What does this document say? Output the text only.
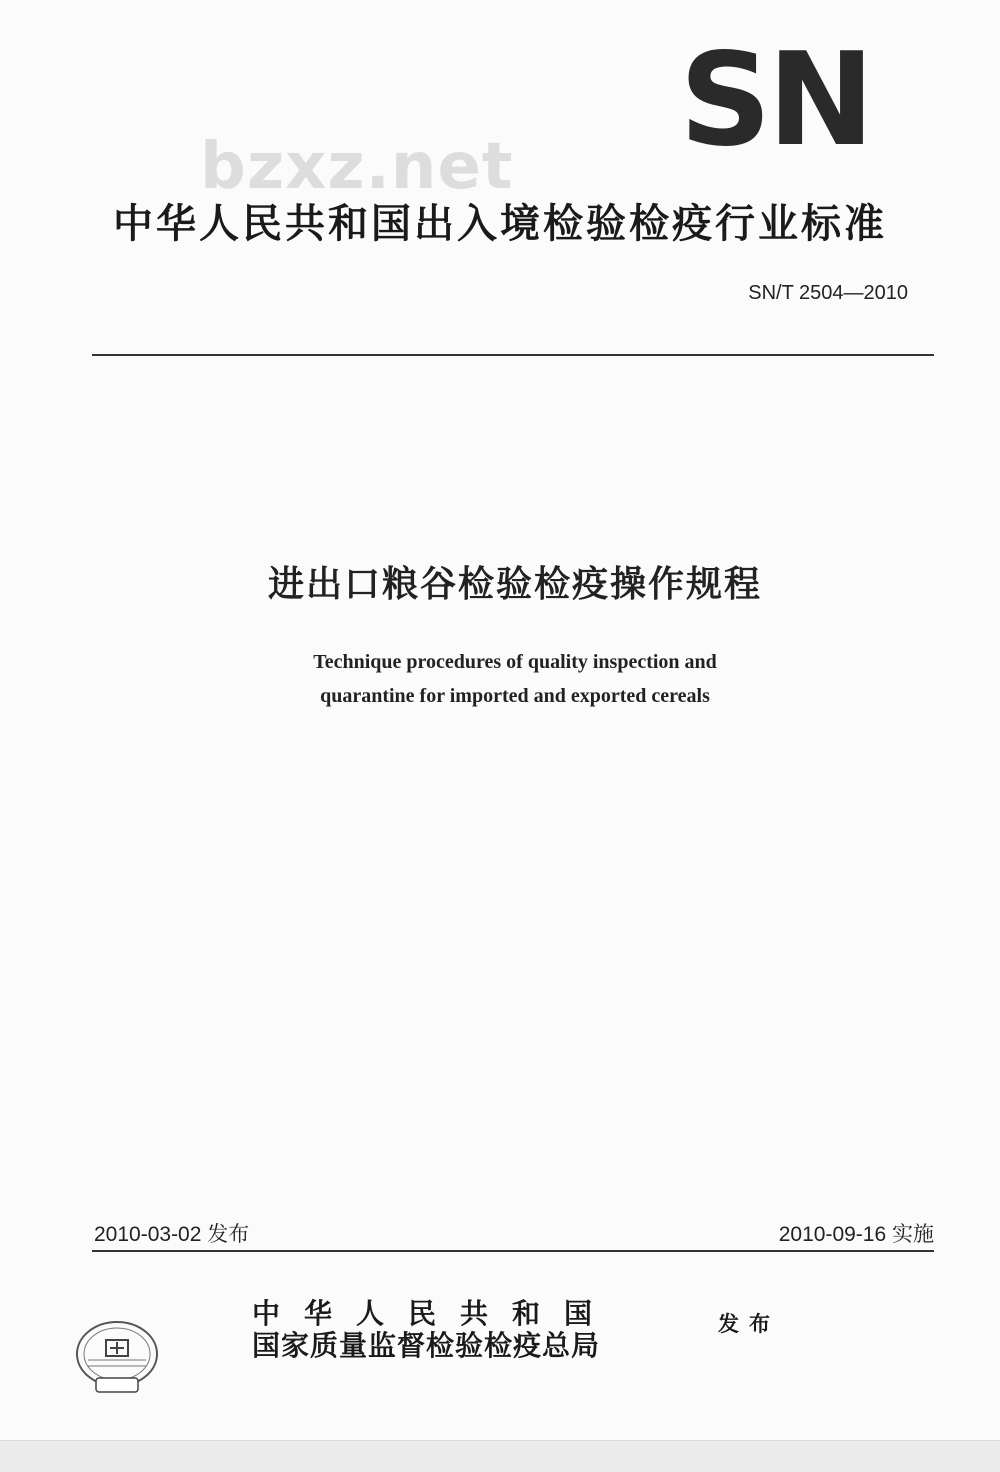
SN
bzxz.net
中华人民共和国出入境检验检疫行业标准
SN/T 2504—2010
进出口粮谷检验检疫操作规程
Technique procedures of quality inspection and
quarantine for imported and exported cereals
2010-03-02 发布	2010-09-16 实施
中华人民共和国
国家质量监督检验检疫总局
发布
